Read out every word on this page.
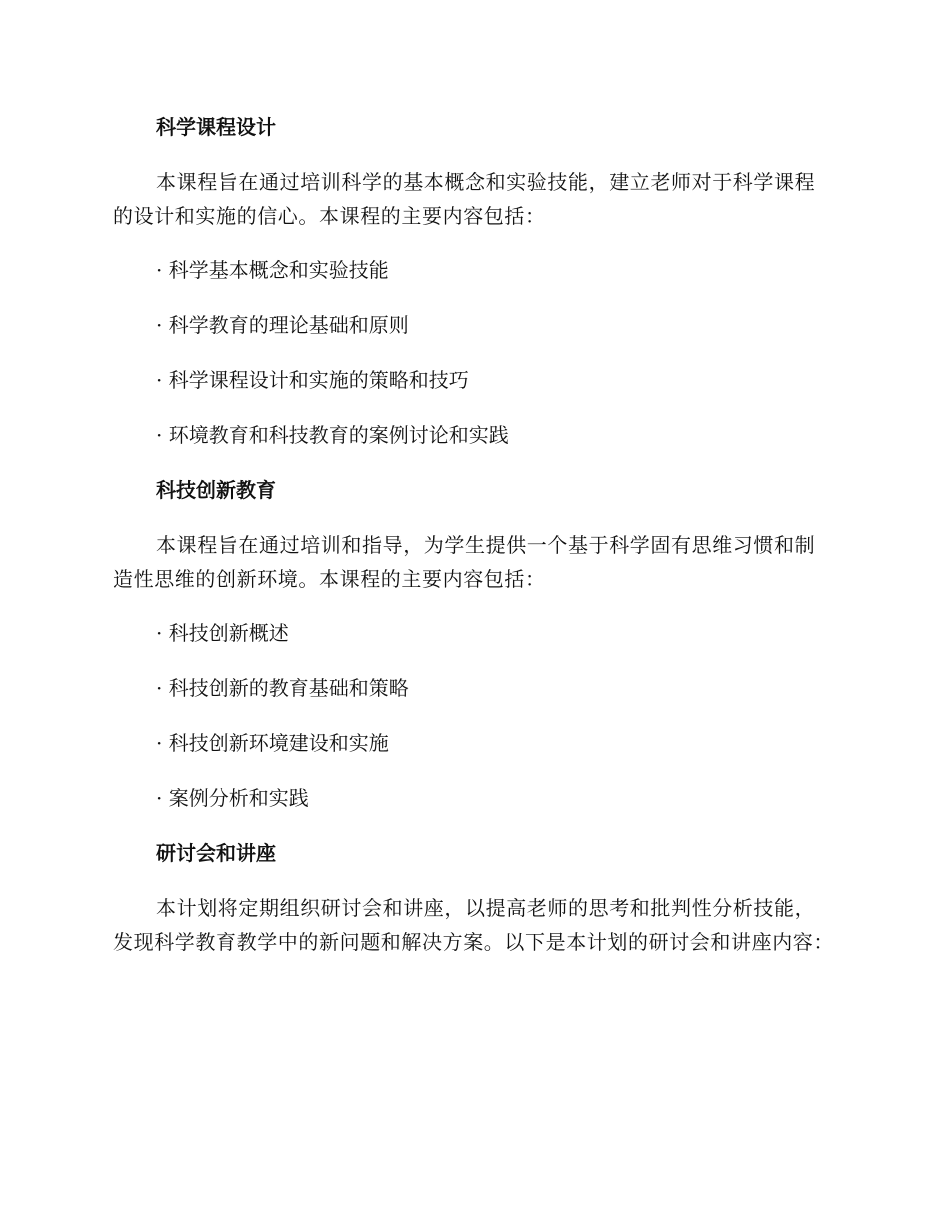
科学课程设计

本课程旨在通过培训科学的基本概念和实验技能，建立老师对于科学课程的设计和实施的信心。本课程的主要内容包括：

· 科学基本概念和实验技能
· 科学教育的理论基础和原则
· 科学课程设计和实施的策略和技巧
· 环境教育和科技教育的案例讨论和实践
科技创新教育

本课程旨在通过培训和指导，为学生提供一个基于科学固有思维习惯和制造性思维的创新环境。本课程的主要内容包括：

· 科技创新概述
· 科技创新的教育基础和策略
· 科技创新环境建设和实施
· 案例分析和实践
研讨会和讲座

本计划将定期组织研讨会和讲座，以提高老师的思考和批判性分析技能，发现科学教育教学中的新问题和解决方案。以下是本计划的研讨会和讲座内容：
